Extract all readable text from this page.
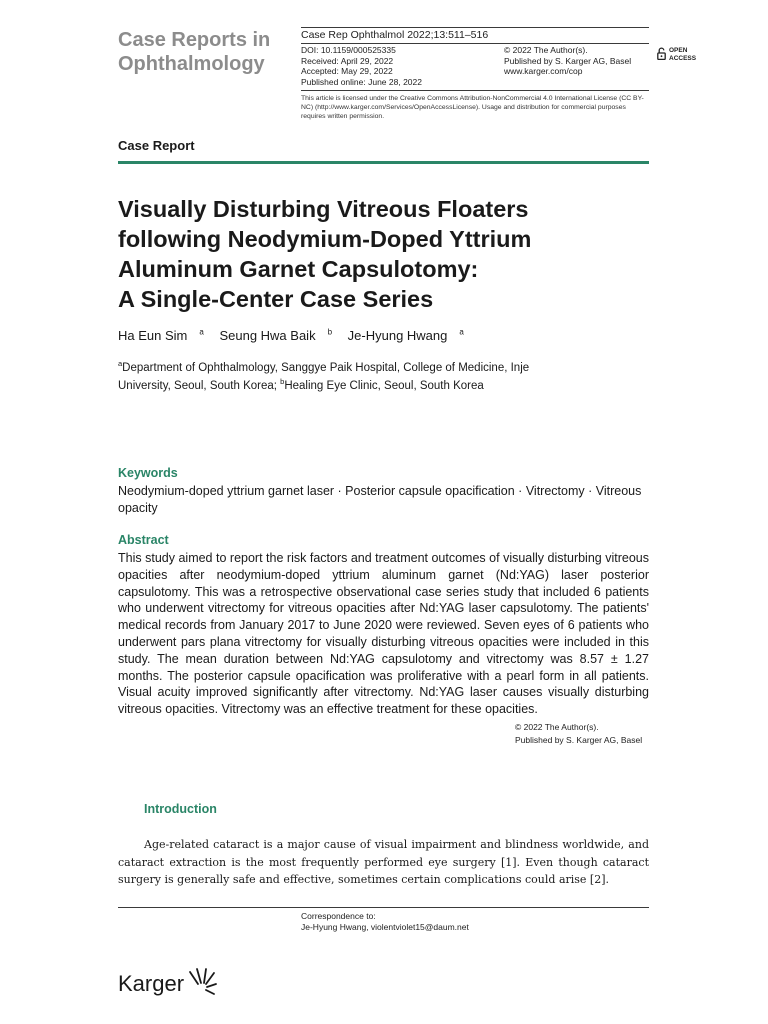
Case Reports in Ophthalmology
Case Rep Ophthalmol 2022;13:511–516
DOI: 10.1159/000525335
Received: April 29, 2022
Accepted: May 29, 2022
Published online: June 28, 2022
© 2022 The Author(s).
Published by S. Karger AG, Basel
www.karger.com/cop
OPEN
ACCESS
This article is licensed under the Creative Commons Attribution-NonCommercial 4.0 International License (CC BY-NC) (http://www.karger.com/Services/OpenAccessLicense). Usage and distribution for commercial purposes requires written permission.
Case Report
Visually Disturbing Vitreous Floaters
following Neodymium-Doped Yttrium
Aluminum Garnet Capsulotomy:
A Single-Center Case Series
Ha Eun Sim $^a$ Seung Hwa Baik $^b$ Je-Hyung Hwang $^a$
$^a$Department of Ophthalmology, Sanggye Paik Hospital, College of Medicine, Inje University, Seoul, South Korea; $^b$Healing Eye Clinic, Seoul, South Korea
Keywords
Neodymium-doped yttrium garnet laser · Posterior capsule opacification · Vitrectomy · Vitreous opacity
Abstract
This study aimed to report the risk factors and treatment outcomes of visually disturbing vitreous opacities after neodymium-doped yttrium aluminum garnet (Nd:YAG) laser posterior capsulotomy. This was a retrospective observational case series study that included 6 patients who underwent vitrectomy for vitreous opacities after Nd:YAG laser capsulotomy. The patients' medical records from January 2017 to June 2020 were reviewed. Seven eyes of 6 patients who underwent pars plana vitrectomy for visually disturbing vitreous opacities were included in this study. The mean duration between Nd:YAG capsulotomy and vitrectomy was 8.57 ± 1.27 months. The posterior capsule opacification was proliferative with a pearl form in all patients. Visual acuity improved significantly after vitrectomy. Nd:YAG laser causes visually disturbing vitreous opacities. Vitrectomy was an effective treatment for these opacities.
© 2022 The Author(s).
Published by S. Karger AG, Basel
Introduction
Age-related cataract is a major cause of visual impairment and blindness worldwide, and cataract extraction is the most frequently performed eye surgery [1]. Even though cataract surgery is generally safe and effective, sometimes certain complications could arise [2].
Correspondence to:
Je-Hyung Hwang, violentviolet15@daum.net
Karger
